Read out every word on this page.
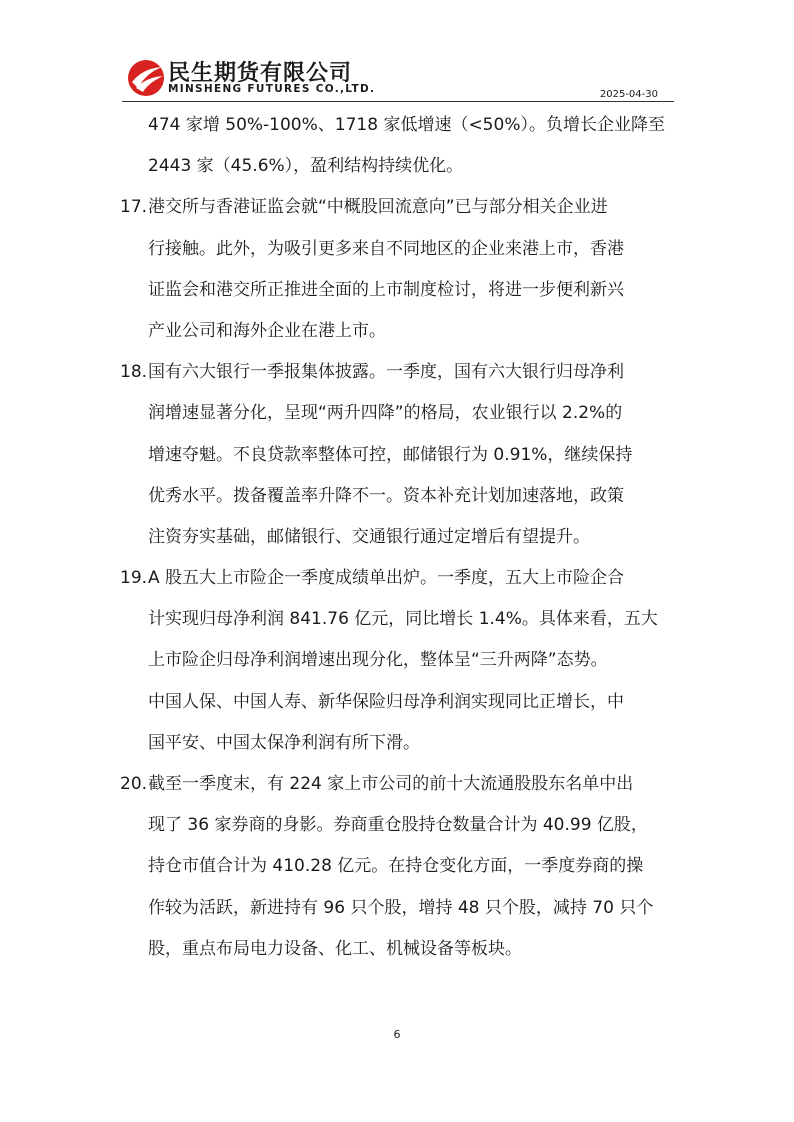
民生期货有限公司
MINSHENG FUTURES CO.,LTD.	2025-04-30
474 家增 50%-100%、1718 家低增速（<50%）。负增长企业降至
2443 家（45.6%），盈利结构持续优化。
17.港交所与香港证监会就“中概股回流意向”已与部分相关企业进
行接触。此外，为吸引更多来自不同地区的企业来港上市，香港
证监会和港交所正推进全面的上市制度检讨，将进一步便利新兴
产业公司和海外企业在港上市。
18.国有六大银行一季报集体披露。一季度，国有六大银行归母净利
润增速显著分化，呈现“两升四降”的格局，农业银行以 2.2%的
增速夺魁。不良贷款率整体可控，邮储银行为 0.91%，继续保持
优秀水平。拨备覆盖率升降不一。资本补充计划加速落地，政策
注资夯实基础，邮储银行、交通银行通过定增后有望提升。
19.A 股五大上市险企一季度成绩单出炉。一季度，五大上市险企合
计实现归母净利润 841.76 亿元，同比增长 1.4%。具体来看，五大
上市险企归母净利润增速出现分化，整体呈“三升两降”态势。
中国人保、中国人寿、新华保险归母净利润实现同比正增长，中
国平安、中国太保净利润有所下滑。
20.截至一季度末，有 224 家上市公司的前十大流通股股东名单中出
现了 36 家券商的身影。券商重仓股持仓数量合计为 40.99 亿股，
持仓市值合计为 410.28 亿元。在持仓变化方面，一季度券商的操
作较为活跃，新进持有 96 只个股，增持 48 只个股，减持 70 只个
股，重点布局电力设备、化工、机械设备等板块。
6
